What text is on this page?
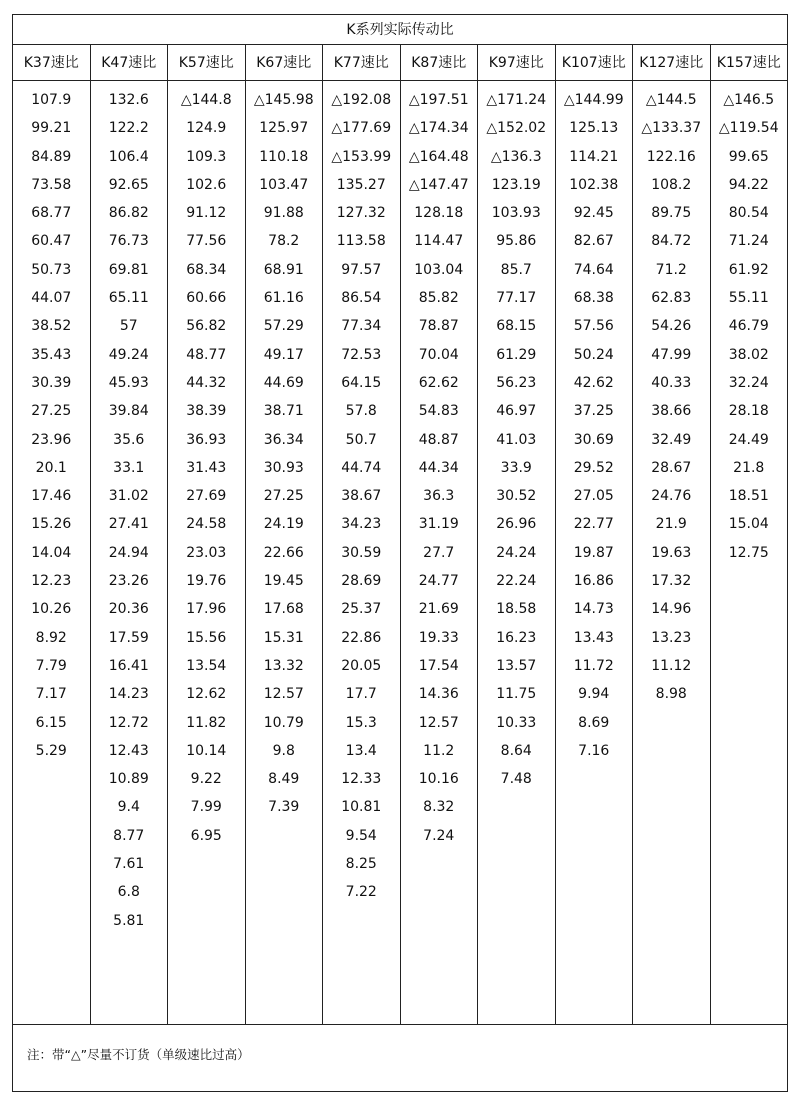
K系列实际传动比
K37速比
107.9
99.21
84.89
73.58
68.77
60.47
50.73
44.07
38.52
35.43
30.39
27.25
23.96
20.1
17.46
15.26
14.04
12.23
10.26
8.92
7.79
7.17
6.15
5.29
K47速比
132.6
122.2
106.4
92.65
86.82
76.73
69.81
65.11
57
49.24
45.93
39.84
35.6
33.1
31.02
27.41
24.94
23.26
20.36
17.59
16.41
14.23
12.72
12.43
10.89
9.4
8.77
7.61
6.8
5.81
K57速比
△144.8
124.9
109.3
102.6
91.12
77.56
68.34
60.66
56.82
48.77
44.32
38.39
36.93
31.43
27.69
24.58
23.03
19.76
17.96
15.56
13.54
12.62
11.82
10.14
9.22
7.99
6.95
K67速比
△145.98
125.97
110.18
103.47
91.88
78.2
68.91
61.16
57.29
49.17
44.69
38.71
36.34
30.93
27.25
24.19
22.66
19.45
17.68
15.31
13.32
12.57
10.79
9.8
8.49
7.39
K77速比
△192.08
△177.69
△153.99
135.27
127.32
113.58
97.57
86.54
77.34
72.53
64.15
57.8
50.7
44.74
38.67
34.23
30.59
28.69
25.37
22.86
20.05
17.7
15.3
13.4
12.33
10.81
9.54
8.25
7.22
K87速比
△197.51
△174.34
△164.48
△147.47
128.18
114.47
103.04
85.82
78.87
70.04
62.62
54.83
48.87
44.34
36.3
31.19
27.7
24.77
21.69
19.33
17.54
14.36
12.57
11.2
10.16
8.32
7.24
K97速比
△171.24
△152.02
△136.3
123.19
103.93
95.86
85.7
77.17
68.15
61.29
56.23
46.97
41.03
33.9
30.52
26.96
24.24
22.24
18.58
16.23
13.57
11.75
10.33
8.64
7.48
K107速比
△144.99
125.13
114.21
102.38
92.45
82.67
74.64
68.38
57.56
50.24
42.62
37.25
30.69
29.52
27.05
22.77
19.87
16.86
14.73
13.43
11.72
9.94
8.69
7.16
K127速比
△144.5
△133.37
122.16
108.2
89.75
84.72
71.2
62.83
54.26
47.99
40.33
38.66
32.49
28.67
24.76
21.9
19.63
17.32
14.96
13.23
11.12
8.98
K157速比
△146.5
△119.54
99.65
94.22
80.54
71.24
61.92
55.11
46.79
38.02
32.24
28.18
24.49
21.8
18.51
15.04
12.75
注：带“△”尽量不订货（单级速比过高）
